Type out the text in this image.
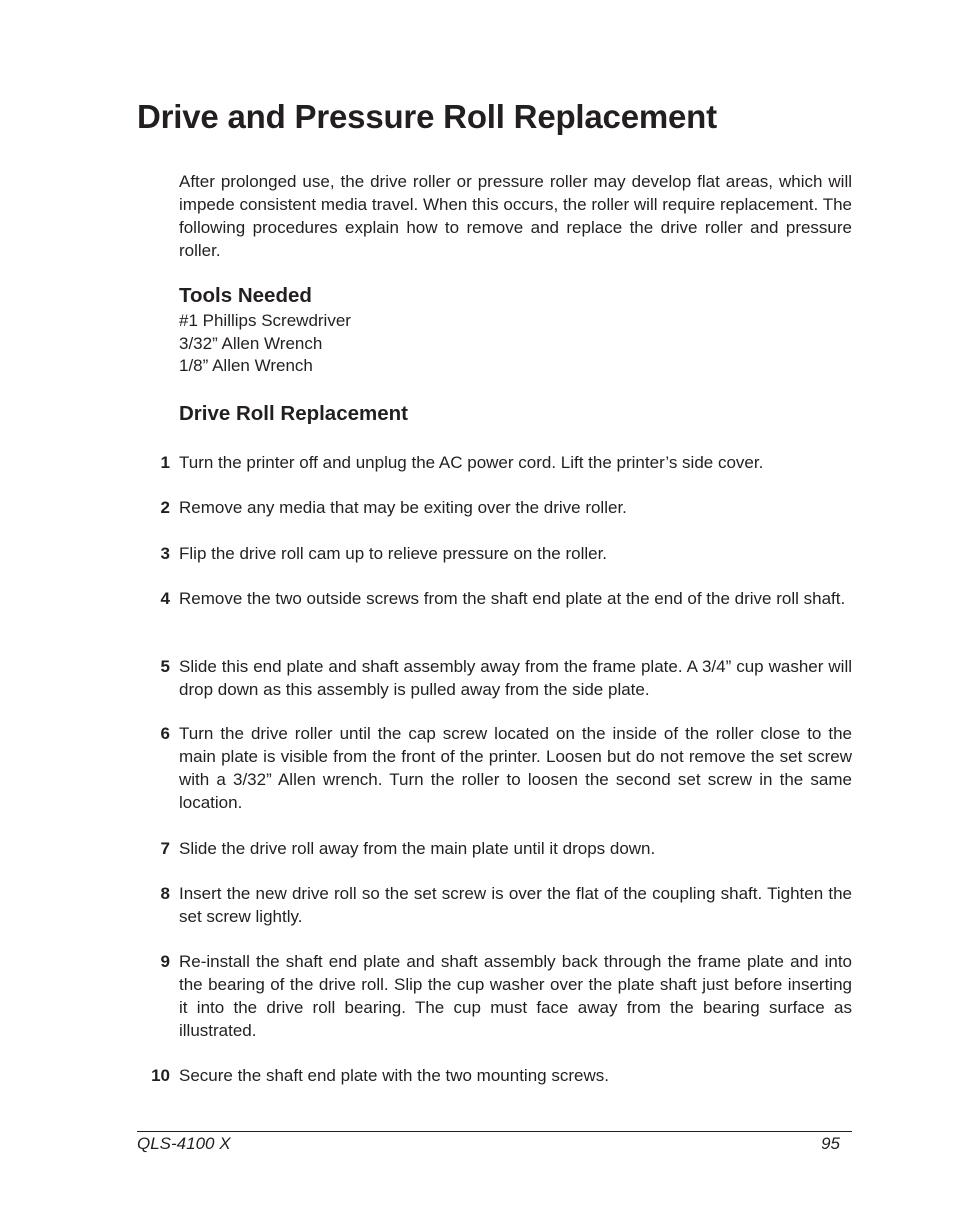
Drive and Pressure Roll Replacement

After prolonged use, the drive roller or pressure roller may develop flat areas, which will impede consistent media travel. When this occurs, the roller will require replacement. The following procedures explain how to remove and replace the drive roller and pressure roller.

Tools Needed
#1 Phillips Screwdriver
3/32” Allen Wrench
1/8” Allen Wrench
Drive Roll Replacement
1 Turn the printer off and unplug the AC power cord. Lift the printer’s side cover.
2 Remove any media that may be exiting over the drive roller.
3 Flip the drive roll cam up to relieve pressure on the roller.
4 Remove the two outside screws from the shaft end plate at the end of the drive roll shaft.
5 Slide this end plate and shaft assembly away from the frame plate. A 3/4” cup washer will drop down as this assembly is pulled away from the side plate.
6 Turn the drive roller until the cap screw located on the inside of the roller close to the main plate is visible from the front of the printer. Loosen but do not remove the set screw with a 3/32” Allen wrench. Turn the roller to loosen the second set screw in the same location.
7 Slide the drive roll away from the main plate until it drops down.
8 Insert the new drive roll so the set screw is over the flat of the coupling shaft. Tighten the set screw lightly.
9 Re-install the shaft end plate and shaft assembly back through the frame plate and into the bearing of the drive roll. Slip the cup washer over the plate shaft just before inserting it into the drive roll bearing. The cup must face away from the bearing surface as illustrated.
10 Secure the shaft end plate with the two mounting screws.
QLS-4100 X	95
